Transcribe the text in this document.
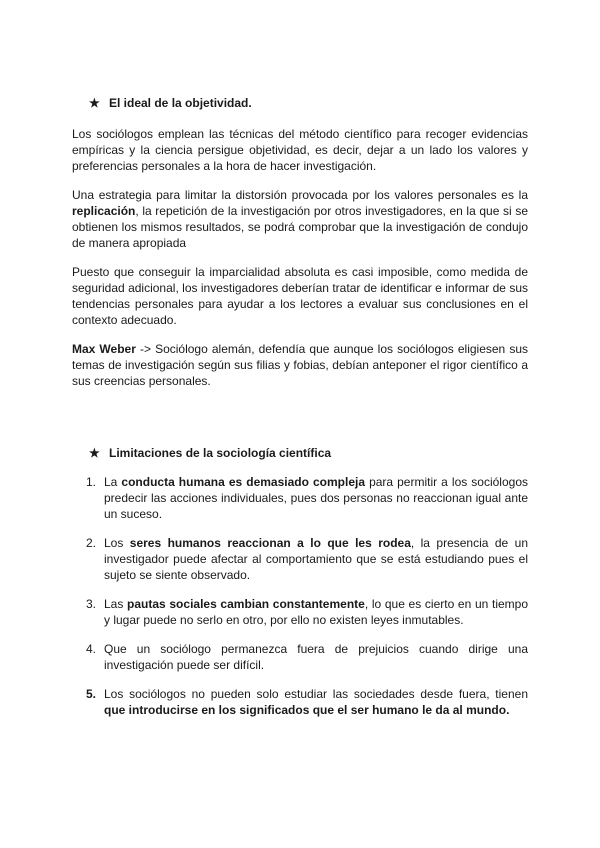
★ El ideal de la objetividad.

Los sociólogos emplean las técnicas del método científico para recoger evidencias empíricas y la ciencia persigue objetividad, es decir, dejar a un lado los valores y preferencias personales a la hora de hacer investigación.

Una estrategia para limitar la distorsión provocada por los valores personales es la replicación, la repetición de la investigación por otros investigadores, en la que si se obtienen los mismos resultados, se podrá comprobar que la investigación de condujo de manera apropiada

Puesto que conseguir la imparcialidad absoluta es casi imposible, como medida de seguridad adicional, los investigadores deberían tratar de identificar e informar de sus tendencias personales para ayudar a los lectores a evaluar sus conclusiones en el contexto adecuado.

Max Weber -> Sociólogo alemán, defendía que aunque los sociólogos eligiesen sus temas de investigación según sus filias y fobias, debían anteponer el rigor científico a sus creencias personales.

★ Limitaciones de la sociología científica
1. La conducta humana es demasiado compleja para permitir a los sociólogos predecir las acciones individuales, pues dos personas no reaccionan igual ante un suceso.
2. Los seres humanos reaccionan a lo que les rodea, la presencia de un investigador puede afectar al comportamiento que se está estudiando pues el sujeto se siente observado.
3. Las pautas sociales cambian constantemente, lo que es cierto en un tiempo y lugar puede no serlo en otro, por ello no existen leyes inmutables.
4. Que un sociólogo permanezca fuera de prejuicios cuando dirige una investigación puede ser difícil.
5. Los sociólogos no pueden solo estudiar las sociedades desde fuera, tienen que introducirse en los significados que el ser humano le da al mundo.
